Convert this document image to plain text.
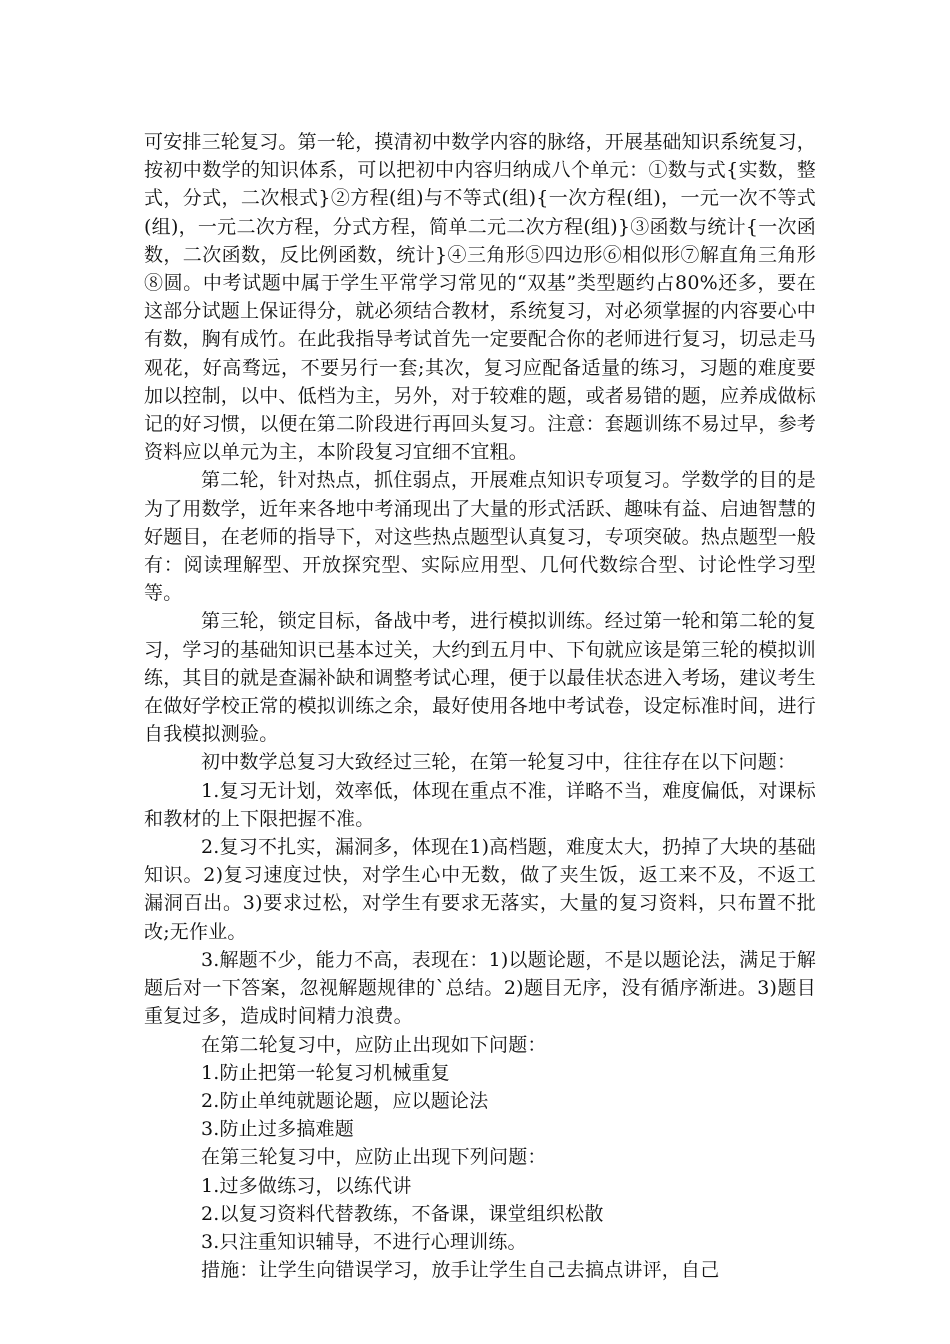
可安排三轮复习。第一轮，摸清初中数学内容的脉络，开展基础知识系统复习，按初中数学的知识体系，可以把初中内容归纳成八个单元：①数与式{实数，整式，分式，二次根式}②方程(组)与不等式(组){一次方程(组)，一元一次不等式(组)，一元二次方程，分式方程，简单二元二次方程(组)}③函数与统计{一次函数，二次函数，反比例函数，统计}④三角形⑤四边形⑥相似形⑦解直角三角形⑧圆。中考试题中属于学生平常学习常见的“双基”类型题约占80%还多，要在这部分试题上保证得分，就必须结合教材，系统复习，对必须掌握的内容要心中有数，胸有成竹。在此我指导考试首先一定要配合你的老师进行复习，切忌走马观花，好高骛远，不要另行一套;其次，复习应配备适量的练习，习题的难度要加以控制，以中、低档为主，另外，对于较难的题，或者易错的题，应养成做标记的好习惯，以便在第二阶段进行再回头复习。注意：套题训练不易过早，参考资料应以单元为主，本阶段复习宜细不宜粗。

第二轮，针对热点，抓住弱点，开展难点知识专项复习。学数学的目的是为了用数学，近年来各地中考涌现出了大量的形式活跃、趣味有益、启迪智慧的好题目，在老师的指导下，对这些热点题型认真复习，专项突破。热点题型一般有：阅读理解型、开放探究型、实际应用型、几何代数综合型、讨论性学习型等。

第三轮，锁定目标，备战中考，进行模拟训练。经过第一轮和第二轮的复习，学习的基础知识已基本过关，大约到五月中、下旬就应该是第三轮的模拟训练，其目的就是查漏补缺和调整考试心理，便于以最佳状态进入考场，建议考生在做好学校正常的模拟训练之余，最好使用各地中考试卷，设定标准时间，进行自我模拟测验。

初中数学总复习大致经过三轮，在第一轮复习中，往往存在以下问题：

1.复习无计划，效率低，体现在重点不准，详略不当，难度偏低，对课标和教材的上下限把握不准。

2.复习不扎实，漏洞多，体现在1)高档题，难度太大，扔掉了大块的基础知识。2)复习速度过快，对学生心中无数，做了夹生饭，返工来不及，不返工漏洞百出。3)要求过松，对学生有要求无落实，大量的复习资料，只布置不批改;无作业。

3.解题不少，能力不高，表现在：1)以题论题，不是以题论法，满足于解题后对一下答案，忽视解题规律的`总结。2)题目无序，没有循序渐进。3)题目重复过多，造成时间精力浪费。

在第二轮复习中，应防止出现如下问题：

1.防止把第一轮复习机械重复

2.防止单纯就题论题，应以题论法

3.防止过多搞难题

在第三轮复习中，应防止出现下列问题：

1.过多做练习，以练代讲

2.以复习资料代替教练，不备课，课堂组织松散

3.只注重知识辅导，不进行心理训练。

措施：让学生向错误学习，放手让学生自己去搞点讲评，自己
